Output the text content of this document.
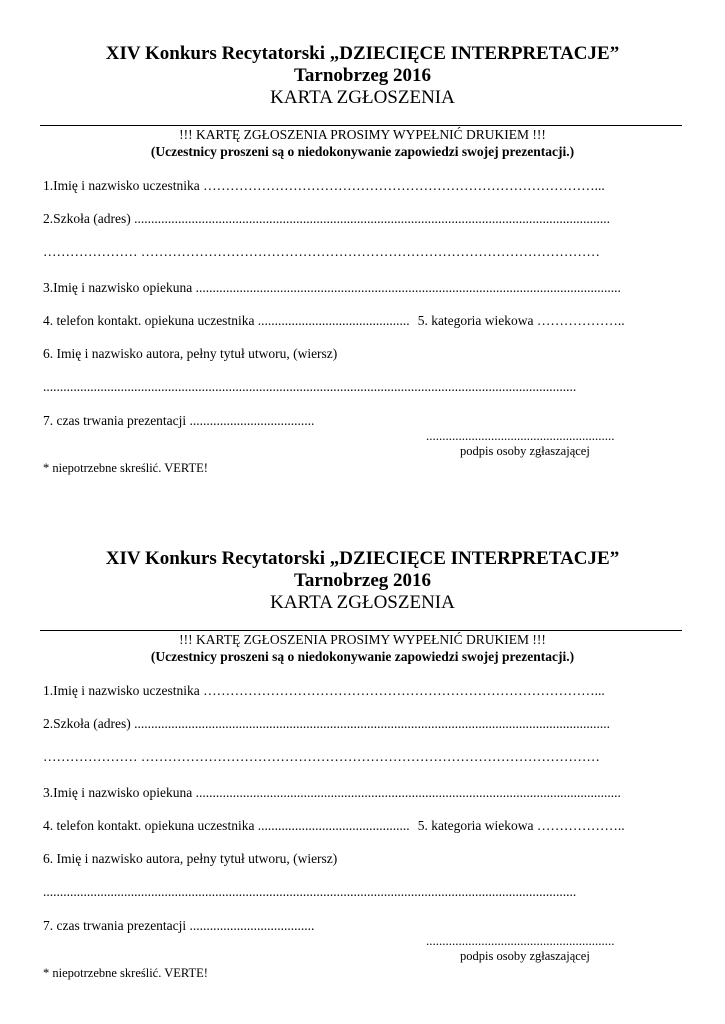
XIV Konkurs Recytatorski „DZIECIĘCE INTERPRETACJE”
Tarnobrzeg 2016
KARTA ZGŁOSZENIA
!!! KARTĘ ZGŁOSZENIA PROSIMY WYPEŁNIĆ DRUKIEM !!!
(Uczestnicy proszeni są o niedokonywanie zapowiedzi swojej prezentacji.)
1.Imię i nazwisko uczestnika ……………………………………………………………………………...
2.Szkoła (adres) .............................................................................................................................................
………………… …………………………………………………………………………………………
3.Imię i nazwisko opiekuna ..............................................................................................................................
4. telefon kontakt. opiekuna uczestnika ............................................. 5. kategoria wiekowa ………………..
6. Imię i nazwisko autora, pełny tytuł utworu, (wiersz)
..............................................................................................................................................................
7. czas trwania prezentacji .....................................
..........................................................
podpis osoby zgłaszającej
* niepotrzebne skreślić. VERTE!
XIV Konkurs Recytatorski „DZIECIĘCE INTERPRETACJE”
Tarnobrzeg 2016
KARTA ZGŁOSZENIA
!!! KARTĘ ZGŁOSZENIA PROSIMY WYPEŁNIĆ DRUKIEM !!!
(Uczestnicy proszeni są o niedokonywanie zapowiedzi swojej prezentacji.)
1.Imię i nazwisko uczestnika ……………………………………………………………………………...
2.Szkoła (adres) .............................................................................................................................................
………………… …………………………………………………………………………………………
3.Imię i nazwisko opiekuna ..............................................................................................................................
4. telefon kontakt. opiekuna uczestnika ............................................. 5. kategoria wiekowa ………………..
6. Imię i nazwisko autora, pełny tytuł utworu, (wiersz)
..............................................................................................................................................................
7. czas trwania prezentacji .....................................
..........................................................
podpis osoby zgłaszającej
* niepotrzebne skreślić. VERTE!
